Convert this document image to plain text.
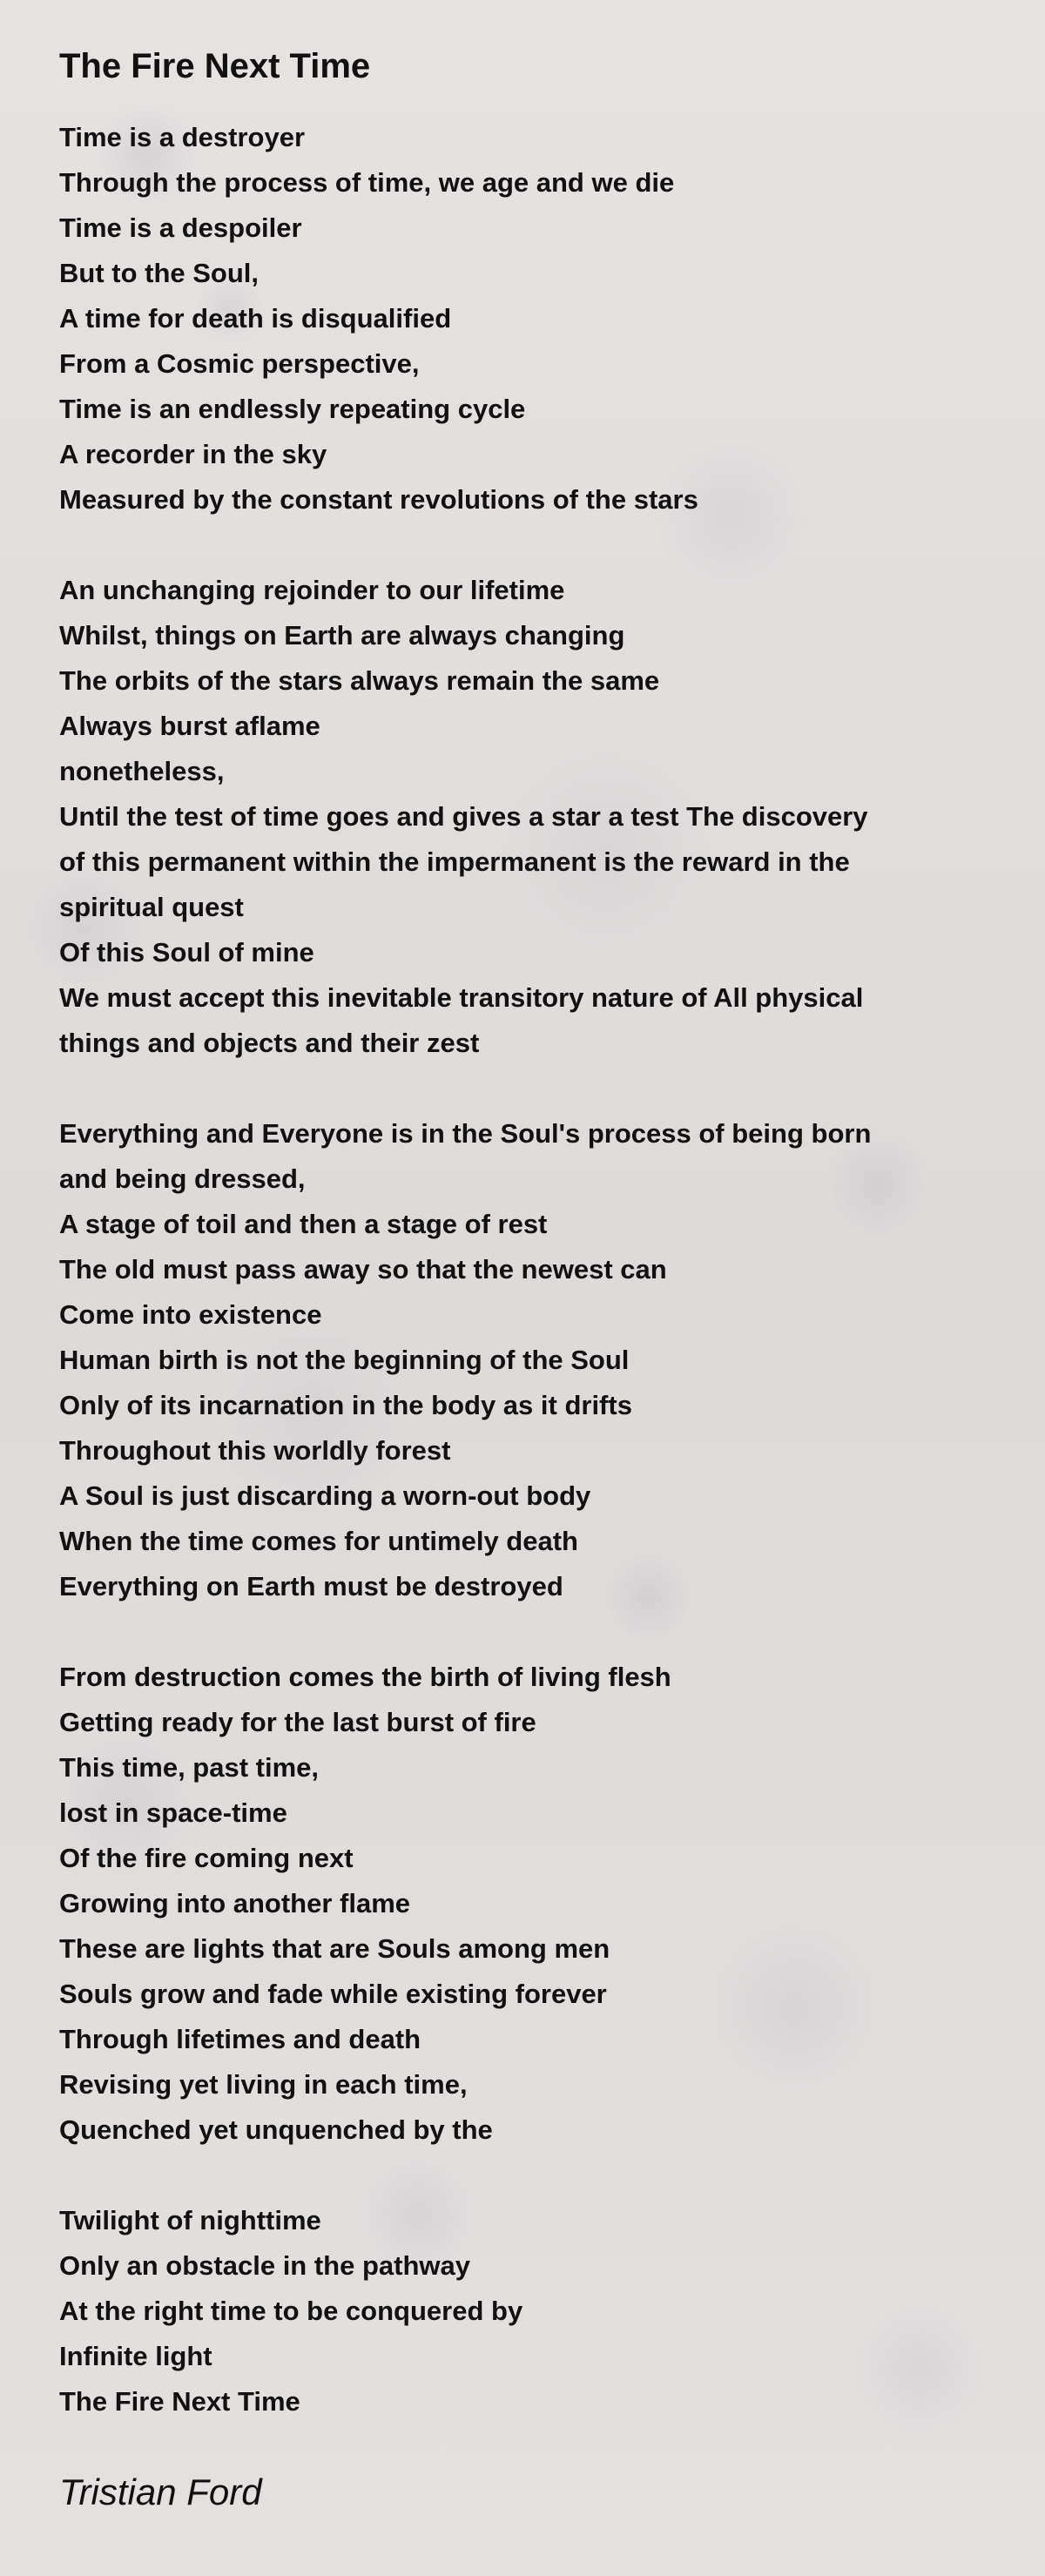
The Fire Next Time
Time is a destroyer
Through the process of time, we age and we die
Time is a despoiler
But to the Soul,
A time for death is disqualified
From a Cosmic perspective,
Time is an endlessly repeating cycle
A recorder in the sky
Measured by the constant revolutions of the stars
An unchanging rejoinder to our lifetime
Whilst, things on Earth are always changing
The orbits of the stars always remain the same
Always burst aflame
nonetheless,
Until the test of time goes and gives a star a test The discovery
of this permanent within the impermanent is the reward in the
spiritual quest
Of this Soul of mine
We must accept this inevitable transitory nature of All physical
things and objects and their zest
Everything and Everyone is in the Soul's process of being born
and being dressed,
A stage of toil and then a stage of rest
The old must pass away so that the newest can
Come into existence
Human birth is not the beginning of the Soul
Only of its incarnation in the body as it drifts
Throughout this worldly forest
A Soul is just discarding a worn-out body
When the time comes for untimely death
Everything on Earth must be destroyed
From destruction comes the birth of living flesh
Getting ready for the last burst of fire
This time, past time,
lost in space-time
Of the fire coming next
Growing into another flame
These are lights that are Souls among men
Souls grow and fade while existing forever
Through lifetimes and death
Revising yet living in each time,
Quenched yet unquenched by the
Twilight of nighttime
Only an obstacle in the pathway
At the right time to be conquered by
Infinite light
The Fire Next Time

Tristian Ford
